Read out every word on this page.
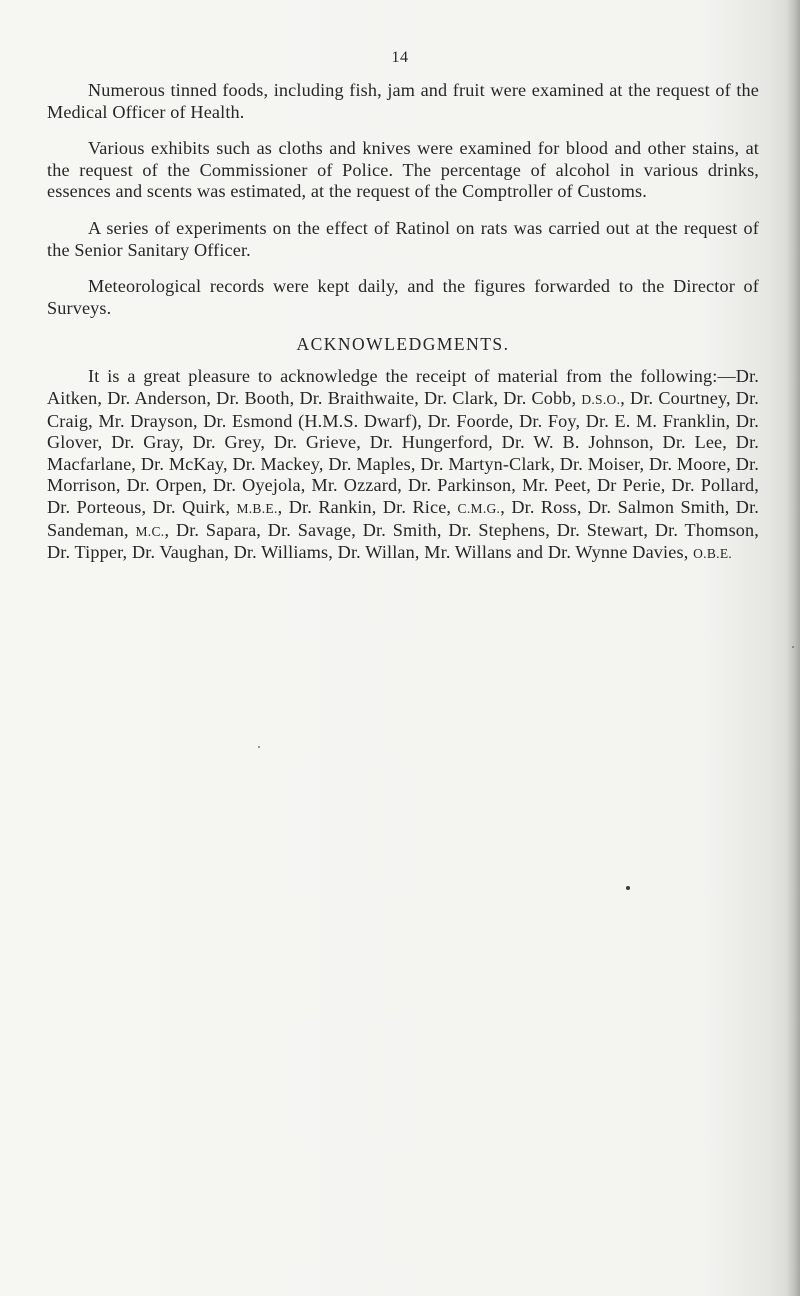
14

Numerous tinned foods, including fish, jam and fruit were examined at the request of the Medical Officer of Health.

Various exhibits such as cloths and knives were examined for blood and other stains, at the request of the Commissioner of Police. The percentage of alcohol in various drinks, essences and scents was estimated, at the request of the Comptroller of Customs.

A series of experiments on the effect of Ratinol on rats was carried out at the request of the Senior Sanitary Officer.

Meteorological records were kept daily, and the figures forwarded to the Director of Surveys.

ACKNOWLEDGMENTS.

It is a great pleasure to acknowledge the receipt of material from the following:—Dr. Aitken, Dr. Anderson, Dr. Booth, Dr. Braithwaite, Dr. Clark, Dr. Cobb, D.S.O., Dr. Courtney, Dr. Craig, Mr. Drayson, Dr. Esmond (H.M.S. Dwarf), Dr. Foorde, Dr. Foy, Dr. E. M. Franklin, Dr. Glover, Dr. Gray, Dr. Grey, Dr. Grieve, Dr. Hungerford, Dr. W. B. Johnson, Dr. Lee, Dr. Macfarlane, Dr. McKay, Dr. Mackey, Dr. Maples, Dr. Martyn-Clark, Dr. Moiser, Dr. Moore, Dr. Morrison, Dr. Orpen, Dr. Oyejola, Mr. Ozzard, Dr. Parkinson, Mr. Peet, Dr Perie, Dr. Pollard, Dr. Porteous, Dr. Quirk, M.B.E., Dr. Rankin, Dr. Rice, C.M.G., Dr. Ross, Dr. Salmon Smith, Dr. Sandeman, M.C., Dr. Sapara, Dr. Savage, Dr. Smith, Dr. Stephens, Dr. Stewart, Dr. Thomson, Dr. Tipper, Dr. Vaughan, Dr. Williams, Dr. Willan, Mr. Willans and Dr. Wynne Davies, O.B.E.
